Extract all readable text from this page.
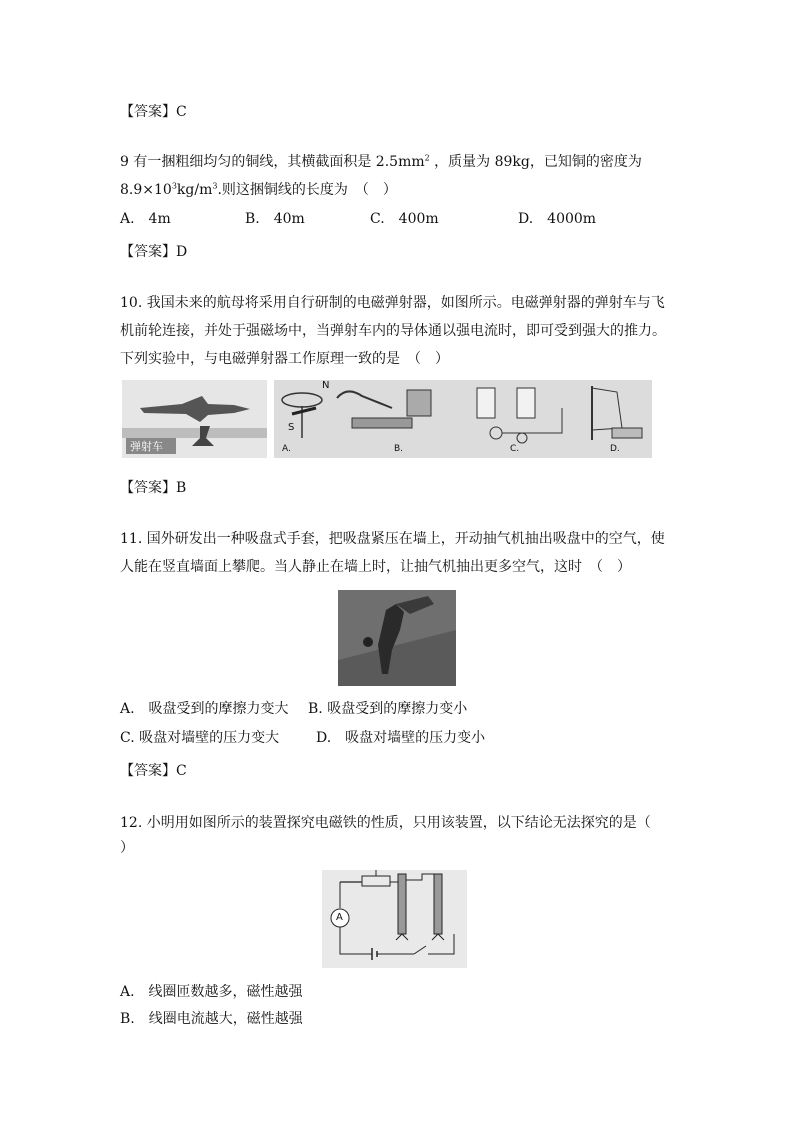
【答案】C
9 有一捆粗细均匀的铜线，其横截面积是 $2.5mm^2$ ，质量为 89kg，已知铜的密度为
$8.9\times 10^3kg/m^3$.则这捆铜线的长度为　（　）
A.　4m	B.　40m	C.　400m	D.　4000m
【答案】D
10. 我国未来的航母将采用自行研制的电磁弹射器，如图所示。电磁弹射器的弹射车与飞
机前轮连接，并处于强磁场中，当弹射车内的导体通以强电流时，即可受到强大的推力。
下列实验中，与电磁弹射器工作原理一致的是　（　）
弹射车
N
S
A.	B.	C.	D.
【答案】B
11. 国外研发出一种吸盘式手套，把吸盘紧压在墙上，开动抽气机抽出吸盘中的空气，使
人能在竖直墙面上攀爬。当人静止在墙上时，让抽气机抽出更多空气，这时　（　）
A.　吸盘受到的摩擦力变大 B. 吸盘受到的摩擦力变小
C. 吸盘对墙壁的压力变大	D.　吸盘对墙壁的压力变小
【答案】C
12. 小明用如图所示的装置探究电磁铁的性质，只用该装置，以下结论无法探究的是（
）
A
A.　线圈匝数越多，磁性越强
B.　线圈电流越大，磁性越强
